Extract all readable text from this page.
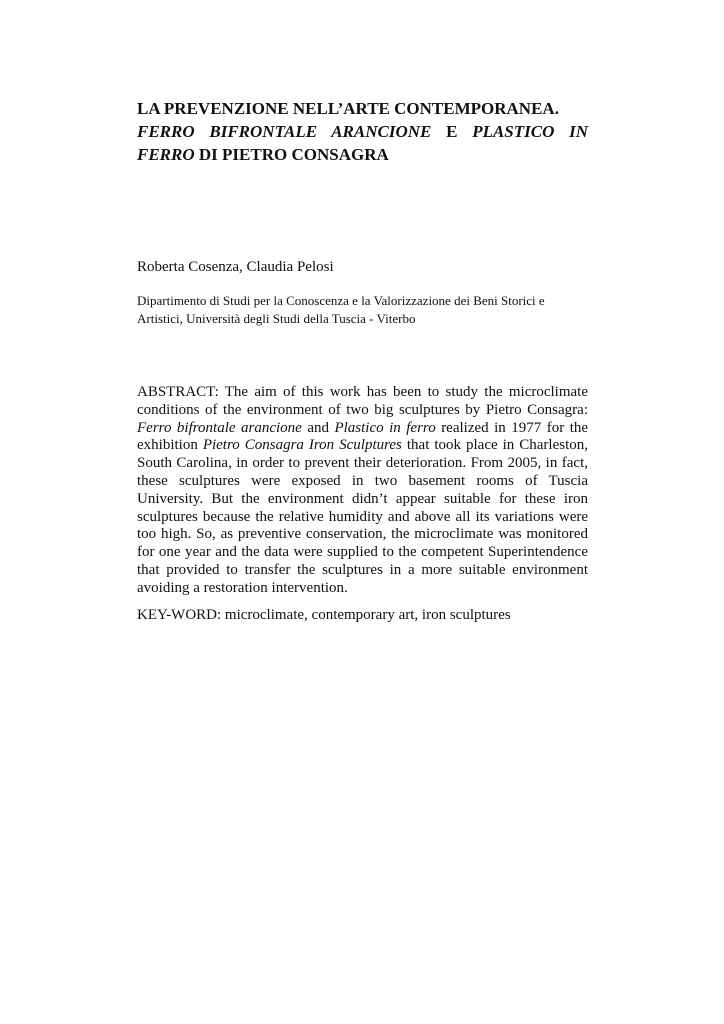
LA PREVENZIONE NELL’ARTE CONTEMPORANEA.
FERRO BIFRONTALE ARANCIONE E PLASTICO IN
FERRO DI PIETRO CONSAGRA

Roberta Cosenza, Claudia Pelosi

Dipartimento di Studi per la Conoscenza e la Valorizzazione dei Beni Storici e
Artistici, Università degli Studi della Tuscia - Viterbo

ABSTRACT: The aim of this work has been to study the microclimate conditions of the environment of two big sculptures by Pietro Consagra: Ferro bifrontale arancione and Plastico in ferro realized in 1977 for the exhibition Pietro Consagra Iron Sculptures that took place in Charleston, South Carolina, in order to prevent their deterioration. From 2005, in fact, these sculptures were exposed in two basement rooms of Tuscia University. But the environment didn’t appear suitable for these iron sculptures because the relative humidity and above all its variations were too high. So, as preventive conservation, the microclimate was monitored for one year and the data were supplied to the competent Superintendence that provided to transfer the sculptures in a more suitable environment avoiding a restoration intervention.

KEY-WORD: microclimate, contemporary art, iron sculptures
